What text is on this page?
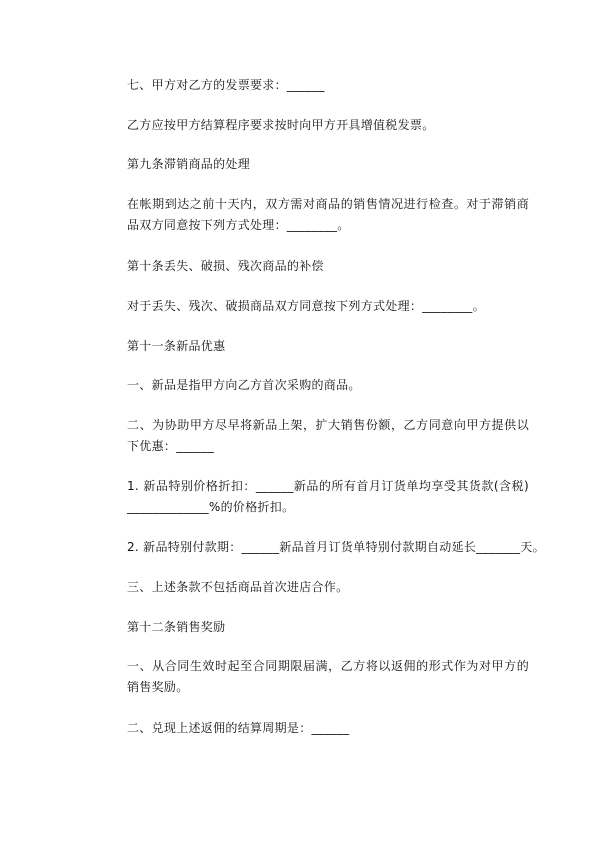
七、甲方对乙方的发票要求：______

乙方应按甲方结算程序要求按时向甲方开具增值税发票。

第九条滞销商品的处理

在帐期到达之前十天内，双方需对商品的销售情况进行检查。对于滞销商品双方同意按下列方式处理：________。

第十条丢失、破损、残次商品的补偿

对于丢失、残次、破损商品双方同意按下列方式处理：________。

第十一条新品优惠

一、新品是指甲方向乙方首次采购的商品。

二、为协助甲方尽早将新品上架，扩大销售份额，乙方同意向甲方提供以下优惠：______

1. 新品特别价格折扣：______新品的所有首月订货单均享受其货款(含税)_____________%的价格折扣。

2. 新品特别付款期：______新品首月订货单特别付款期自动延长_______天。

三、上述条款不包括商品首次进店合作。

第十二条销售奖励

一、从合同生效时起至合同期限届满，乙方将以返佣的形式作为对甲方的销售奖励。

二、兑现上述返佣的结算周期是：______
